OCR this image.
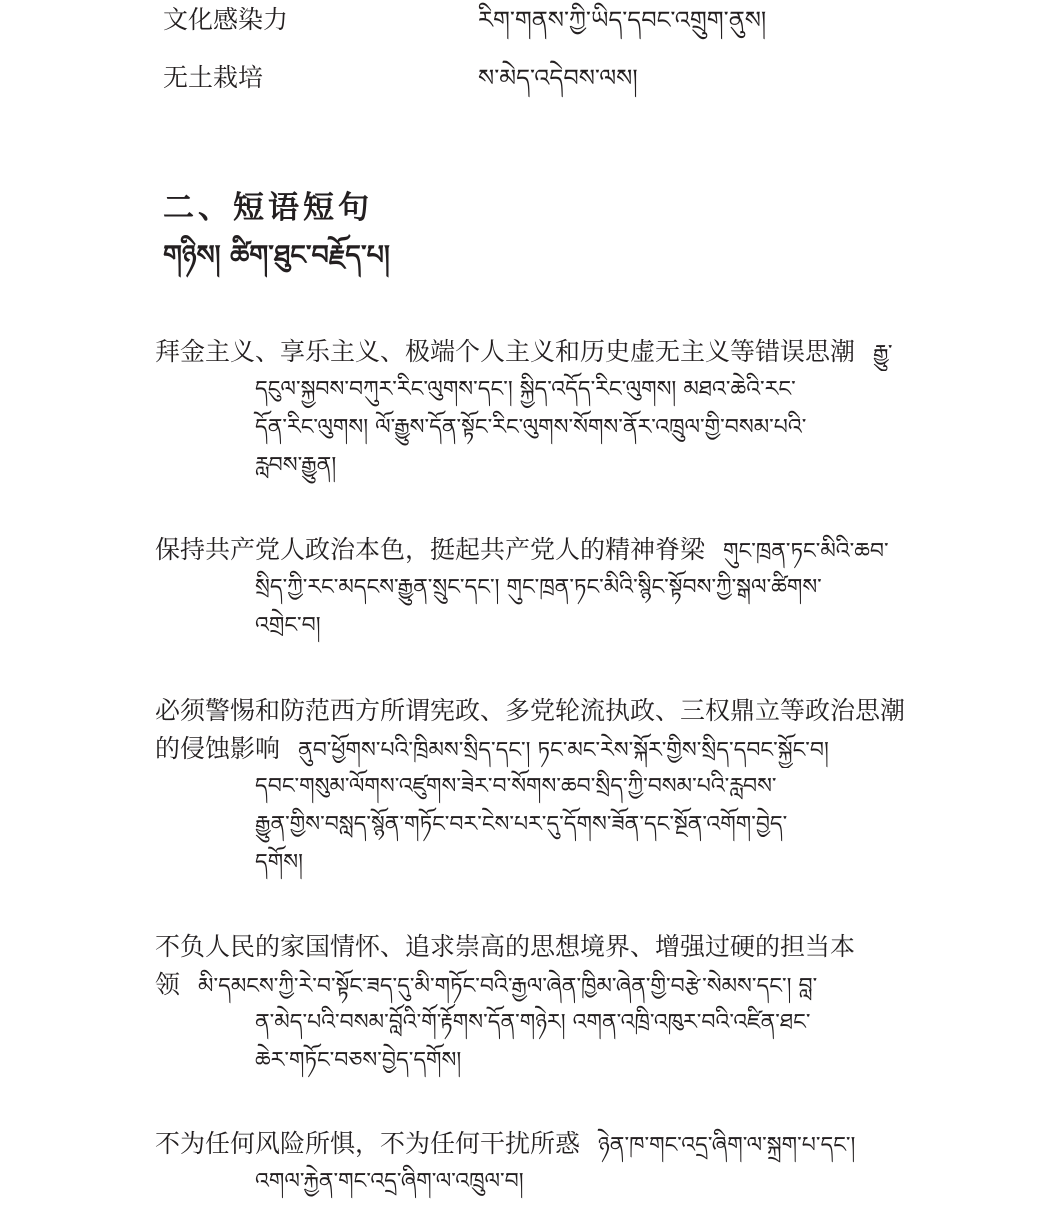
文化感染力	རིག་གནས་ཀྱི་ཡིད་དབང་འགྲུག་ནུས།
无土栽培	ས་མེད་འདེབས་ལས།
二、短语短句
གཉིས། ཚིག་ཐུང་བརྗོད་པ།
拜金主义、享乐主义、极端个人主义和历史虚无主义等错误思潮 རྒྱུ་
དངུལ་སྐྱབས་བཀུར་རིང་ལུགས་དང་། སྐྱིད་འདོད་རིང་ལུགས། མཐའ་ཆེའི་རང་
དོན་རིང་ལུགས། ལོ་རྒྱུས་དོན་སྟོང་རིང་ལུགས་སོགས་ནོར་འཁྲུལ་གྱི་བསམ་པའི་
རླབས་རྒྱུན།
保持共产党人政治本色，挺起共产党人的精神脊梁 གུང་ཁྲན་ཏང་མིའི་ཆབ་
སྲིད་ཀྱི་རང་མདངས་རྒྱུན་སྲུང་དང་། གུང་ཁྲན་ཏང་མིའི་སྙིང་སྟོབས་ཀྱི་སྒལ་ཚིགས་
འགྲེང་བ།
必须警惕和防范西方所谓宪政、多党轮流执政、三权鼎立等政治思潮
的侵蚀影响 ནུབ་ཕྱོགས་པའི་ཁྲིམས་སྲིད་དང་། ཏང་མང་རེས་སྐོར་གྱིས་སྲིད་དབང་སྐྱོང་བ།
དབང་གསུམ་ལོགས་འཛུགས་ཟེར་བ་སོགས་ཆབ་སྲིད་ཀྱི་བསམ་པའི་རླབས་
རྒྱུན་གྱིས་བསླད་སྙོན་གཏོང་བར་ངེས་པར་དུ་དོགས་ཟོན་དང་སྔོན་འགོག་བྱེད་
དགོས།
不负人民的家国情怀、追求崇高的思想境界、增强过硬的担当本
领 མི་དམངས་ཀྱི་རེ་བ་སྟོང་ཟད་དུ་མི་གཏོང་བའི་རྒྱལ་ཞེན་ཁྱིམ་ཞེན་གྱི་བརྩེ་སེམས་དང་། བླ་
ན་མེད་པའི་བསམ་བློའི་གོ་རྟོགས་དོན་གཉེར། འགན་འཁྲི་འཁུར་བའི་འཛིན་ཐང་
ཆེར་གཏོང་བཅས་བྱེད་དགོས།
不为任何风险所惧，不为任何干扰所惑 ཉེན་ཁ་གང་འདྲ་ཞིག་ལ་སྐྲག་པ་དང་།
འགལ་རྐྱེན་གང་འདྲ་ཞིག་ལ་འཁྲུལ་བ།
